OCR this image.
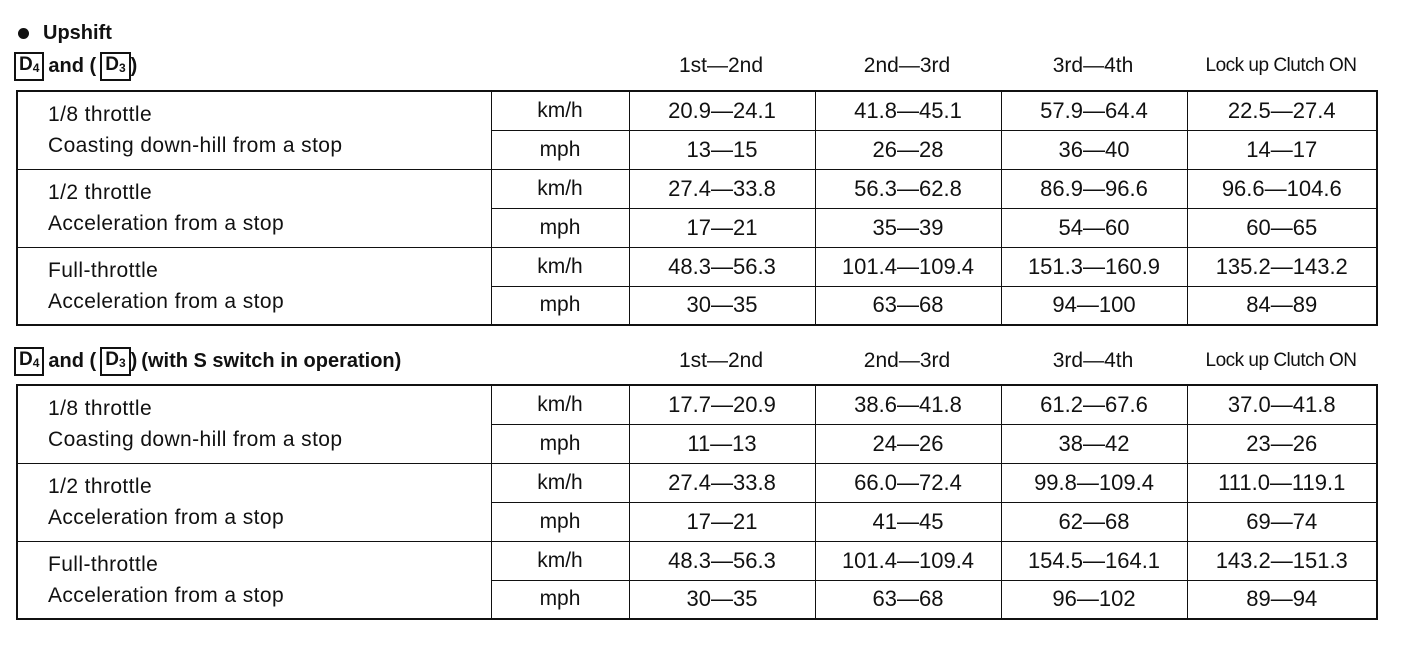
Upshift
$D_4$ and ( $D_3$ )	1st—2nd	2nd—3rd	3rd—4th	Lock up Clutch ON
1/8 throttle
Coasting down-hill from a stop	km/h	20.9—24.1	41.8—45.1	57.9—64.4	22.5—27.4
	mph	13—15	26—28	36—40	14—17

1/2 throttle
Acceleration from a stop	km/h	27.4—33.8	56.3—62.8	86.9—96.6	96.6—104.6
	mph	17—21	35—39	54—60	60—65

Full-throttle
Acceleration from a stop	km/h	48.3—56.3	101.4—109.4	151.3—160.9	135.2—143.2
	mph	30—35	63—68	94—100	84—89
$D_4$ and ( $D_3$ ) (with S switch in operation)	1st—2nd	2nd—3rd	3rd—4th	Lock up Clutch ON
1/8 throttle
Coasting down-hill from a stop	km/h	17.7—20.9	38.6—41.8	61.2—67.6	37.0—41.8
	mph	11—13	24—26	38—42	23—26

1/2 throttle
Acceleration from a stop	km/h	27.4—33.8	66.0—72.4	99.8—109.4	111.0—119.1
	mph	17—21	41—45	62—68	69—74

Full-throttle
Acceleration from a stop	km/h	48.3—56.3	101.4—109.4	154.5—164.1	143.2—151.3
	mph	30—35	63—68	96—102	89—94
